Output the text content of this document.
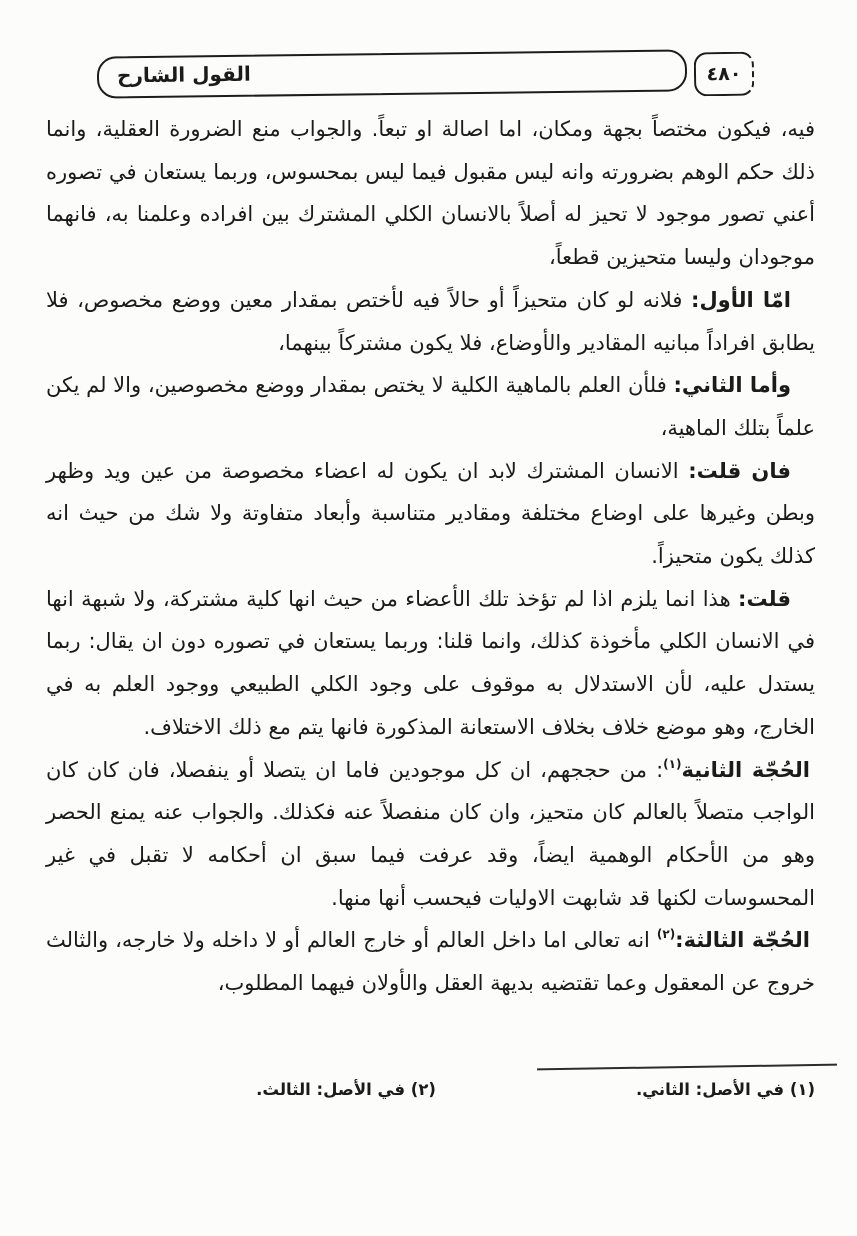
القول الشارح	٤٨٠

فيه، فيكون مختصاً بجهة ومكان، اما اصالة او تبعاً. والجواب منع الضرورة العقلية، وانما ذلك حكم الوهم بضرورته وانه ليس مقبول فيما ليس بمحسوس، وربما يستعان في تصوره أعني تصور موجود لا تحيز له أصلاً بالانسان الكلي المشترك بين افراده وعلمنا به، فانهما موجودان وليسا متحيزين قطعاً،

امّا الأول: فلانه لو كان متحيزاً أو حالاً فيه لأختص بمقدار معين ووضع مخصوص، فلا يطابق افراداً مبانيه المقادير والأوضاع، فلا يكون مشتركاً بينهما،

وأما الثاني: فلأن العلم بالماهية الكلية لا يختص بمقدار ووضع مخصوصين، والا لم يكن علماً بتلك الماهية،

فان قلت: الانسان المشترك لابد ان يكون له اعضاء مخصوصة من عين ويد وظهر وبطن وغيرها على اوضاع مختلفة ومقادير متناسبة وأبعاد متفاوتة ولا شك من حيث انه كذلك يكون متحيزاً.

قلت: هذا انما يلزم اذا لم تؤخذ تلك الأعضاء من حيث انها كلية مشتركة، ولا شبهة انها في الانسان الكلي مأخوذة كذلك، وانما قلنا: وربما يستعان في تصوره دون ان يقال: ربما يستدل عليه، لأن الاستدلال به موقوف على وجود الكلي الطبيعي ووجود العلم به في الخارج، وهو موضع خلاف بخلاف الاستعانة المذكورة فانها يتم مع ذلك الاختلاف.

الحُجّة الثانية$^{(١)}$: من حججهم، ان كل موجودين فاما ان يتصلا أو ينفصلا، فان كان كان الواجب متصلاً بالعالم كان متحيز، وان كان منفصلاً عنه فكذلك. والجواب عنه يمنع الحصر وهو من الأحكام الوهمية ايضاً، وقد عرفت فيما سبق ان أحكامه لا تقبل في غير المحسوسات لكنها قد شابهت الاوليات فيحسب أنها منها.

الحُجّة الثالثة:$^{(٢)}$ انه تعالى اما داخل العالم أو خارج العالم أو لا داخله ولا خارجه، والثالث خروج عن المعقول وعما تقتضيه بديهة العقل والأولان فيهما المطلوب،

(١) في الأصل: الثاني.
(٢) في الأصل: الثالث.
